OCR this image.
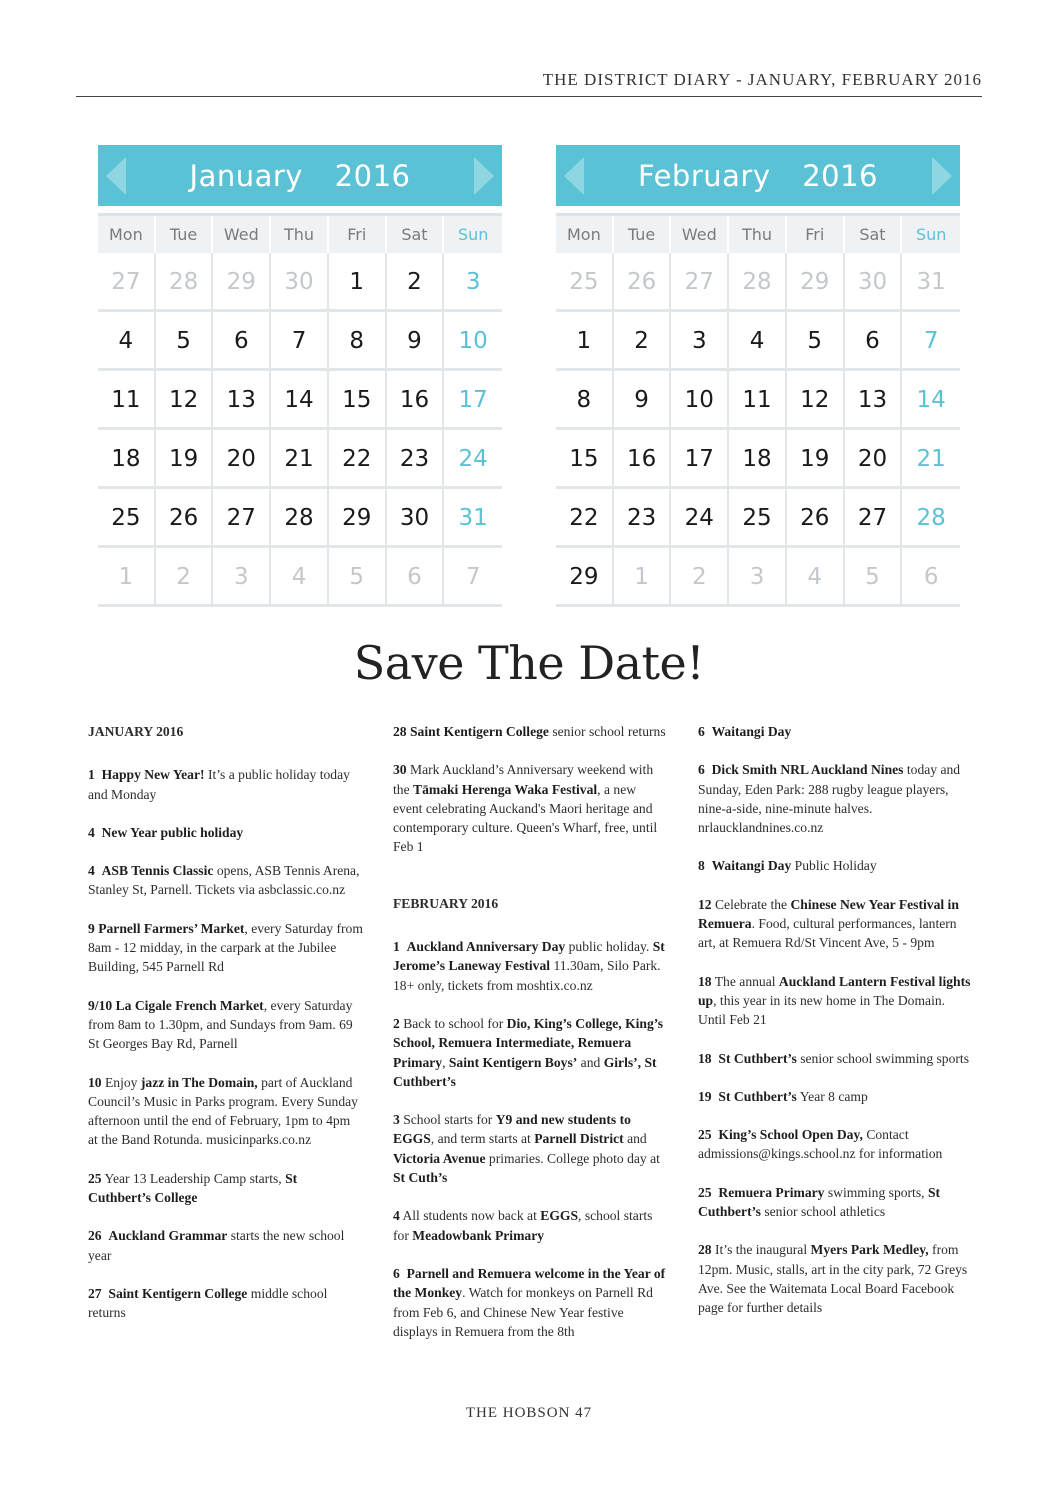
THE DISTRICT DIARY - JANUARY, FEBRUARY 2016
January 2016
Mon	Tue	Wed	Thu	Fri	Sat	Sun
27	28	29	30	1	2	3
4	5	6	7	8	9	10
11	12	13	14	15	16	17
18	19	20	21	22	23	24
25	26	27	28	29	30	31
1	2	3	4	5	6	7
February 2016
Mon	Tue	Wed	Thu	Fri	Sat	Sun
25	26	27	28	29	30	31
1	2	3	4	5	6	7
8	9	10	11	12	13	14
15	16	17	18	19	20	21
22	23	24	25	26	27	28
29	1	2	3	4	5	6
Save The Date!

JANUARY 2016

1 Happy New Year! It’s a public holiday today and Monday

4 New Year public holiday

4 ASB Tennis Classic opens, ASB Tennis Arena, Stanley St, Parnell. Tickets via asbclassic.co.nz

9 Parnell Farmers’ Market, every Saturday from 8am - 12 midday, in the carpark at the Jubilee Building, 545 Parnell Rd

9/10 La Cigale French Market, every Saturday from 8am to 1.30pm, and Sundays from 9am. 69 St Georges Bay Rd, Parnell

10 Enjoy jazz in The Domain, part of Auckland Council’s Music in Parks program. Every Sunday afternoon until the end of February, 1pm to 4pm at the Band Rotunda. musicinparks.co.nz

25 Year 13 Leadership Camp starts, St Cuthbert’s College

26 Auckland Grammar starts the new school year

27 Saint Kentigern College middle school returns

28 Saint Kentigern College senior school returns

30 Mark Auckland’s Anniversary weekend with the Tāmaki Herenga Waka Festival, a new event celebrating Auckand's Maori heritage and contemporary culture. Queen's Wharf, free, until Feb 1

FEBRUARY 2016

1 Auckland Anniversary Day public holiday. St Jerome’s Laneway Festival 11.30am, Silo Park. 18+ only, tickets from moshtix.co.nz

2 Back to school for Dio, King’s College, King’s School, Remuera Intermediate, Remuera Primary, Saint Kentigern Boys’ and Girls’, St Cuthbert’s

3 School starts for Y9 and new students to EGGS, and term starts at Parnell District and Victoria Avenue primaries. College photo day at St Cuth’s

4 All students now back at EGGS, school starts for Meadowbank Primary

6 Parnell and Remuera welcome in the Year of the Monkey. Watch for monkeys on Parnell Rd from Feb 6, and Chinese New Year festive displays in Remuera from the 8th

6 Waitangi Day

6 Dick Smith NRL Auckland Nines today and Sunday, Eden Park: 288 rugby league players, nine-a-side, nine-minute halves. nrlaucklandnines.co.nz

8 Waitangi Day Public Holiday

12 Celebrate the Chinese New Year Festival in Remuera. Food, cultural performances, lantern art, at Remuera Rd/St Vincent Ave, 5 - 9pm

18 The annual Auckland Lantern Festival lights up, this year in its new home in The Domain. Until Feb 21

18 St Cuthbert’s senior school swimming sports

19 St Cuthbert’s Year 8 camp

25 King’s School Open Day, Contact admissions@kings.school.nz for information

25 Remuera Primary swimming sports, St Cuthbert’s senior school athletics

28 It’s the inaugural Myers Park Medley, from 12pm. Music, stalls, art in the city park, 72 Greys Ave. See the Waitemata Local Board Facebook page for further details

THE HOBSON 47
